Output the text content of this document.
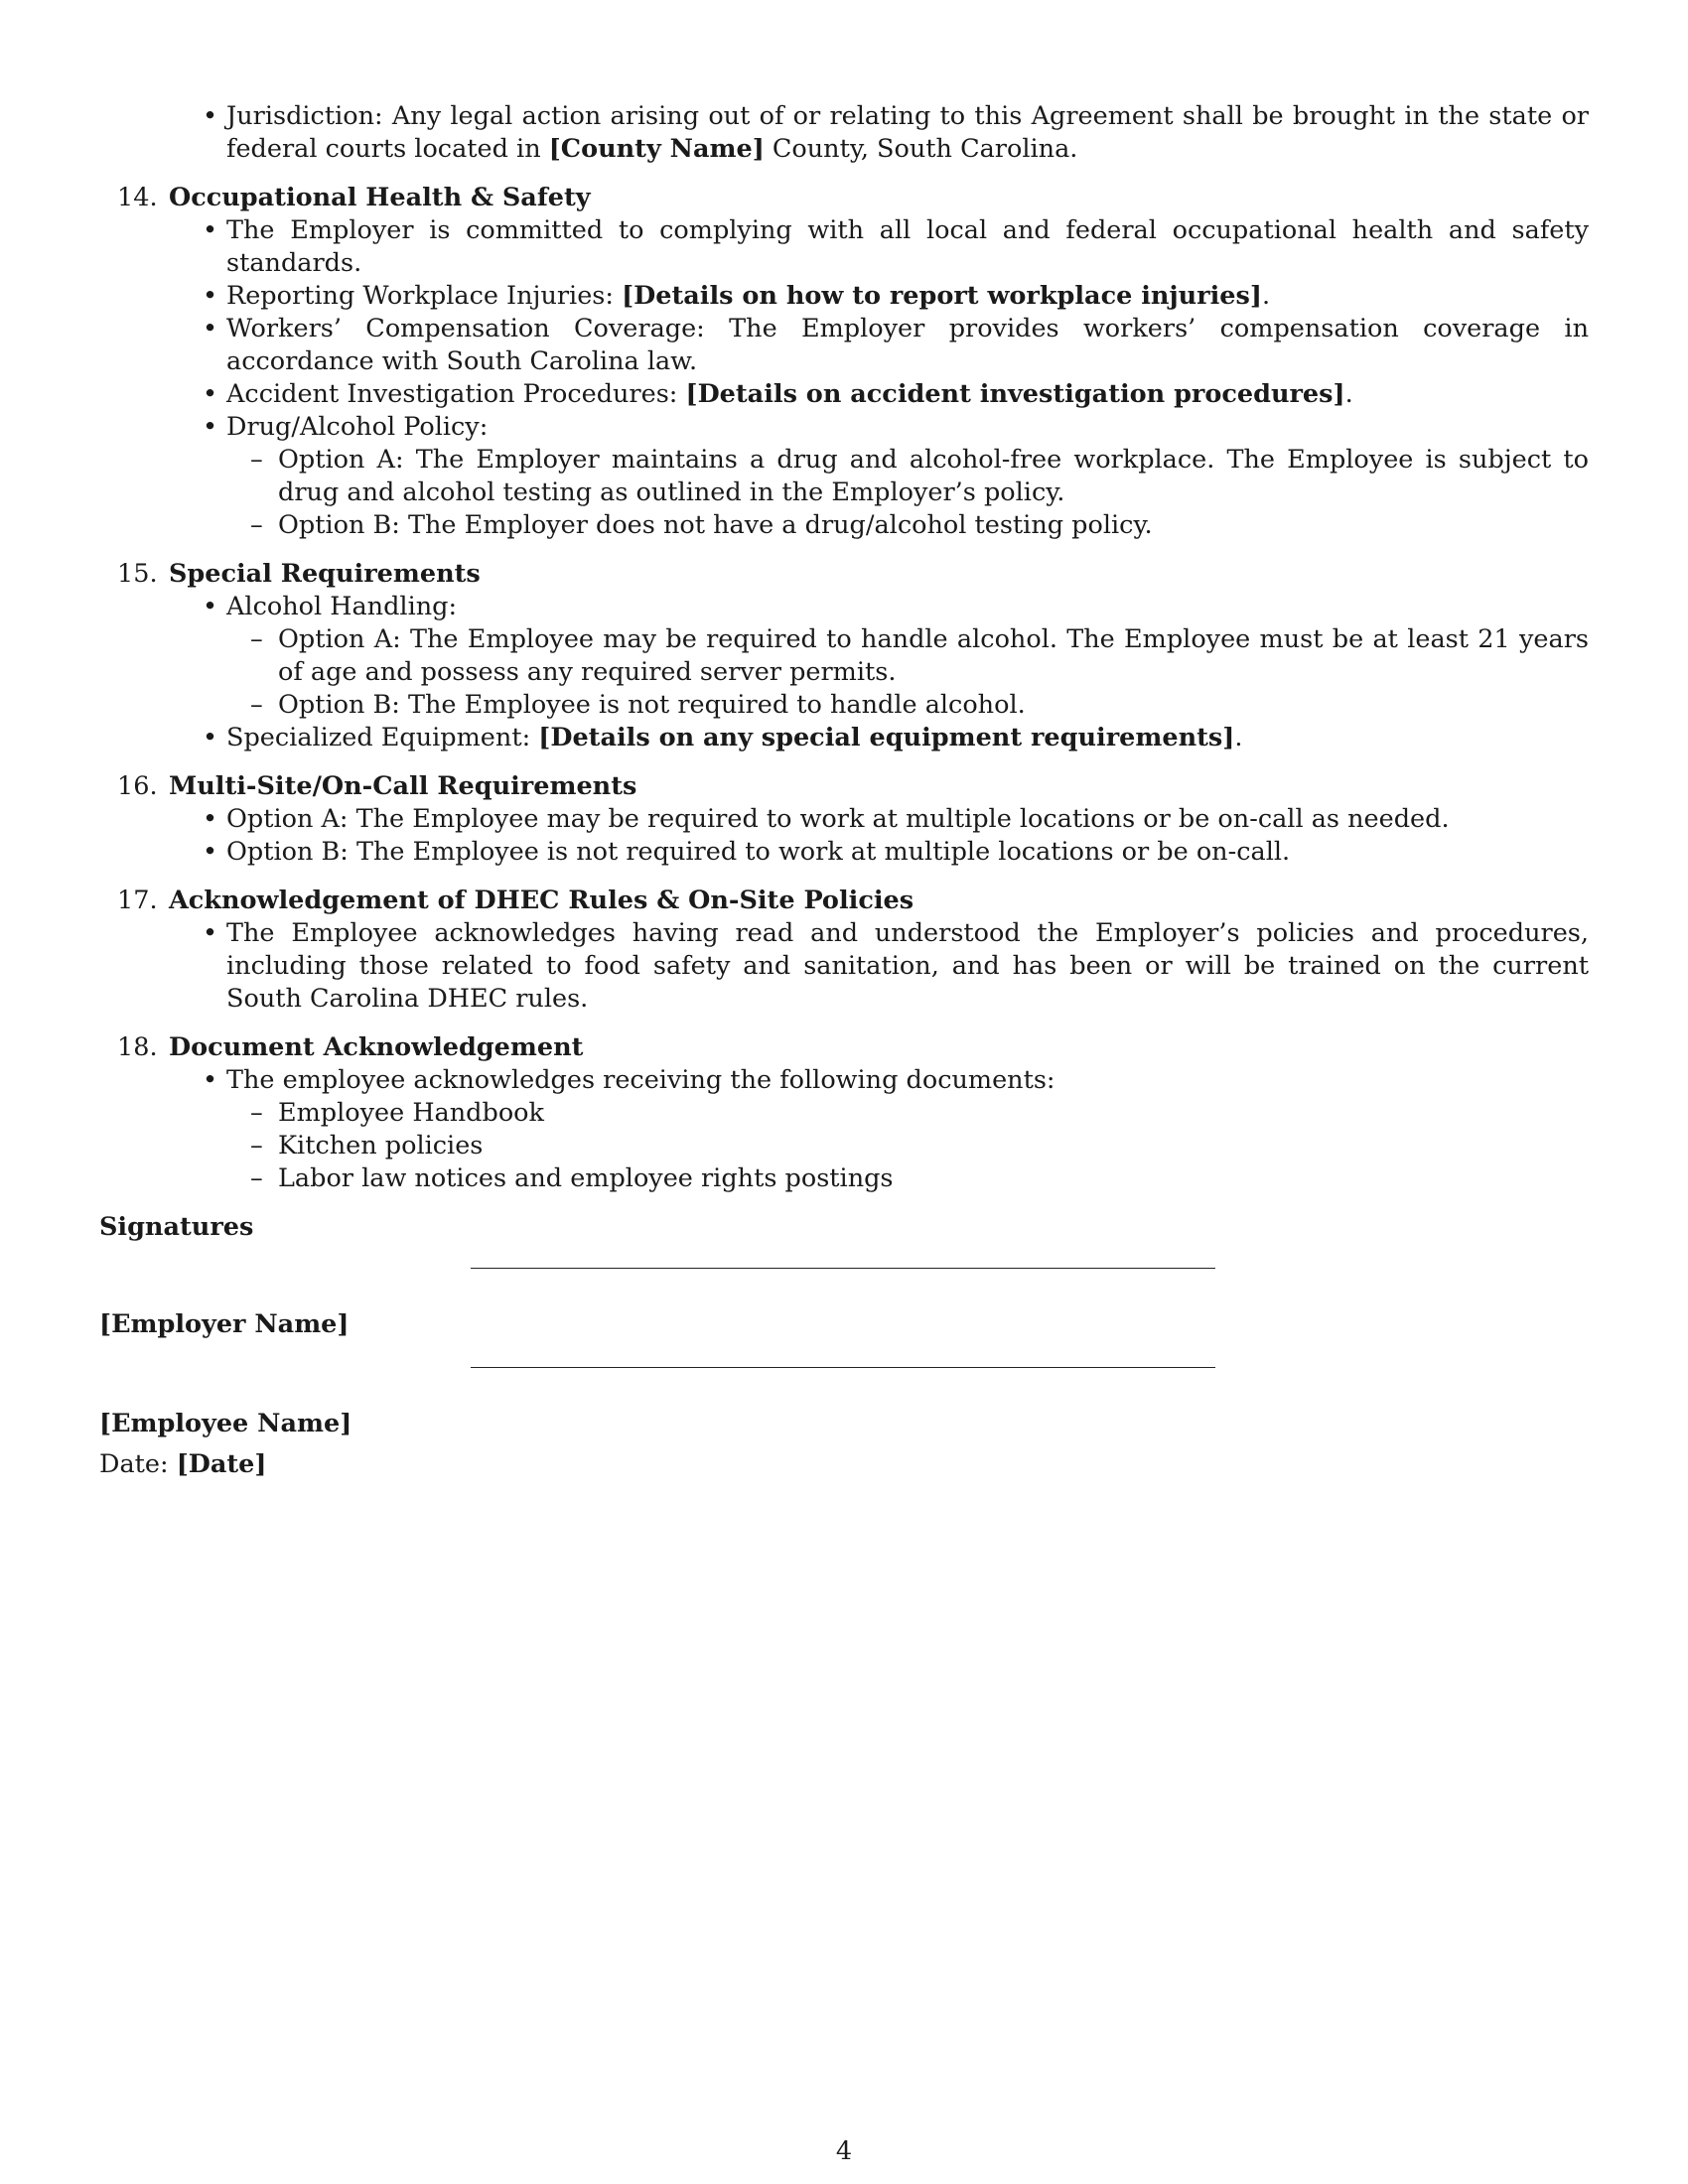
• Jurisdiction: Any legal action arising out of or relating to this Agreement shall be brought in the state or federal courts located in [County Name] County, South Carolina.
14. Occupational Health & Safety
• The Employer is committed to complying with all local and federal occupational health and safety standards.
• Reporting Workplace Injuries: [Details on how to report workplace injuries].
• Workers’ Compensation Coverage: The Employer provides workers’ compensation coverage in accordance with South Carolina law.
• Accident Investigation Procedures: [Details on accident investigation procedures].
• Drug/Alcohol Policy:
– Option A: The Employer maintains a drug and alcohol-free workplace. The Employee is subject to drug and alcohol testing as outlined in the Employer’s policy.
– Option B: The Employer does not have a drug/alcohol testing policy.
15. Special Requirements
• Alcohol Handling:
– Option A: The Employee may be required to handle alcohol. The Employee must be at least 21 years of age and possess any required server permits.
– Option B: The Employee is not required to handle alcohol.
• Specialized Equipment: [Details on any special equipment requirements].
16. Multi-Site/On-Call Requirements
• Option A: The Employee may be required to work at multiple locations or be on-call as needed.
• Option B: The Employee is not required to work at multiple locations or be on-call.
17. Acknowledgement of DHEC Rules & On-Site Policies
• The Employee acknowledges having read and understood the Employer’s policies and procedures, including those related to food safety and sanitation, and has been or will be trained on the current South Carolina DHEC rules.
18. Document Acknowledgement
• The employee acknowledges receiving the following documents:
– Employee Handbook
– Kitchen policies
– Labor law notices and employee rights postings
Signatures
[Employer Name]
[Employee Name]
Date: [Date]
4
